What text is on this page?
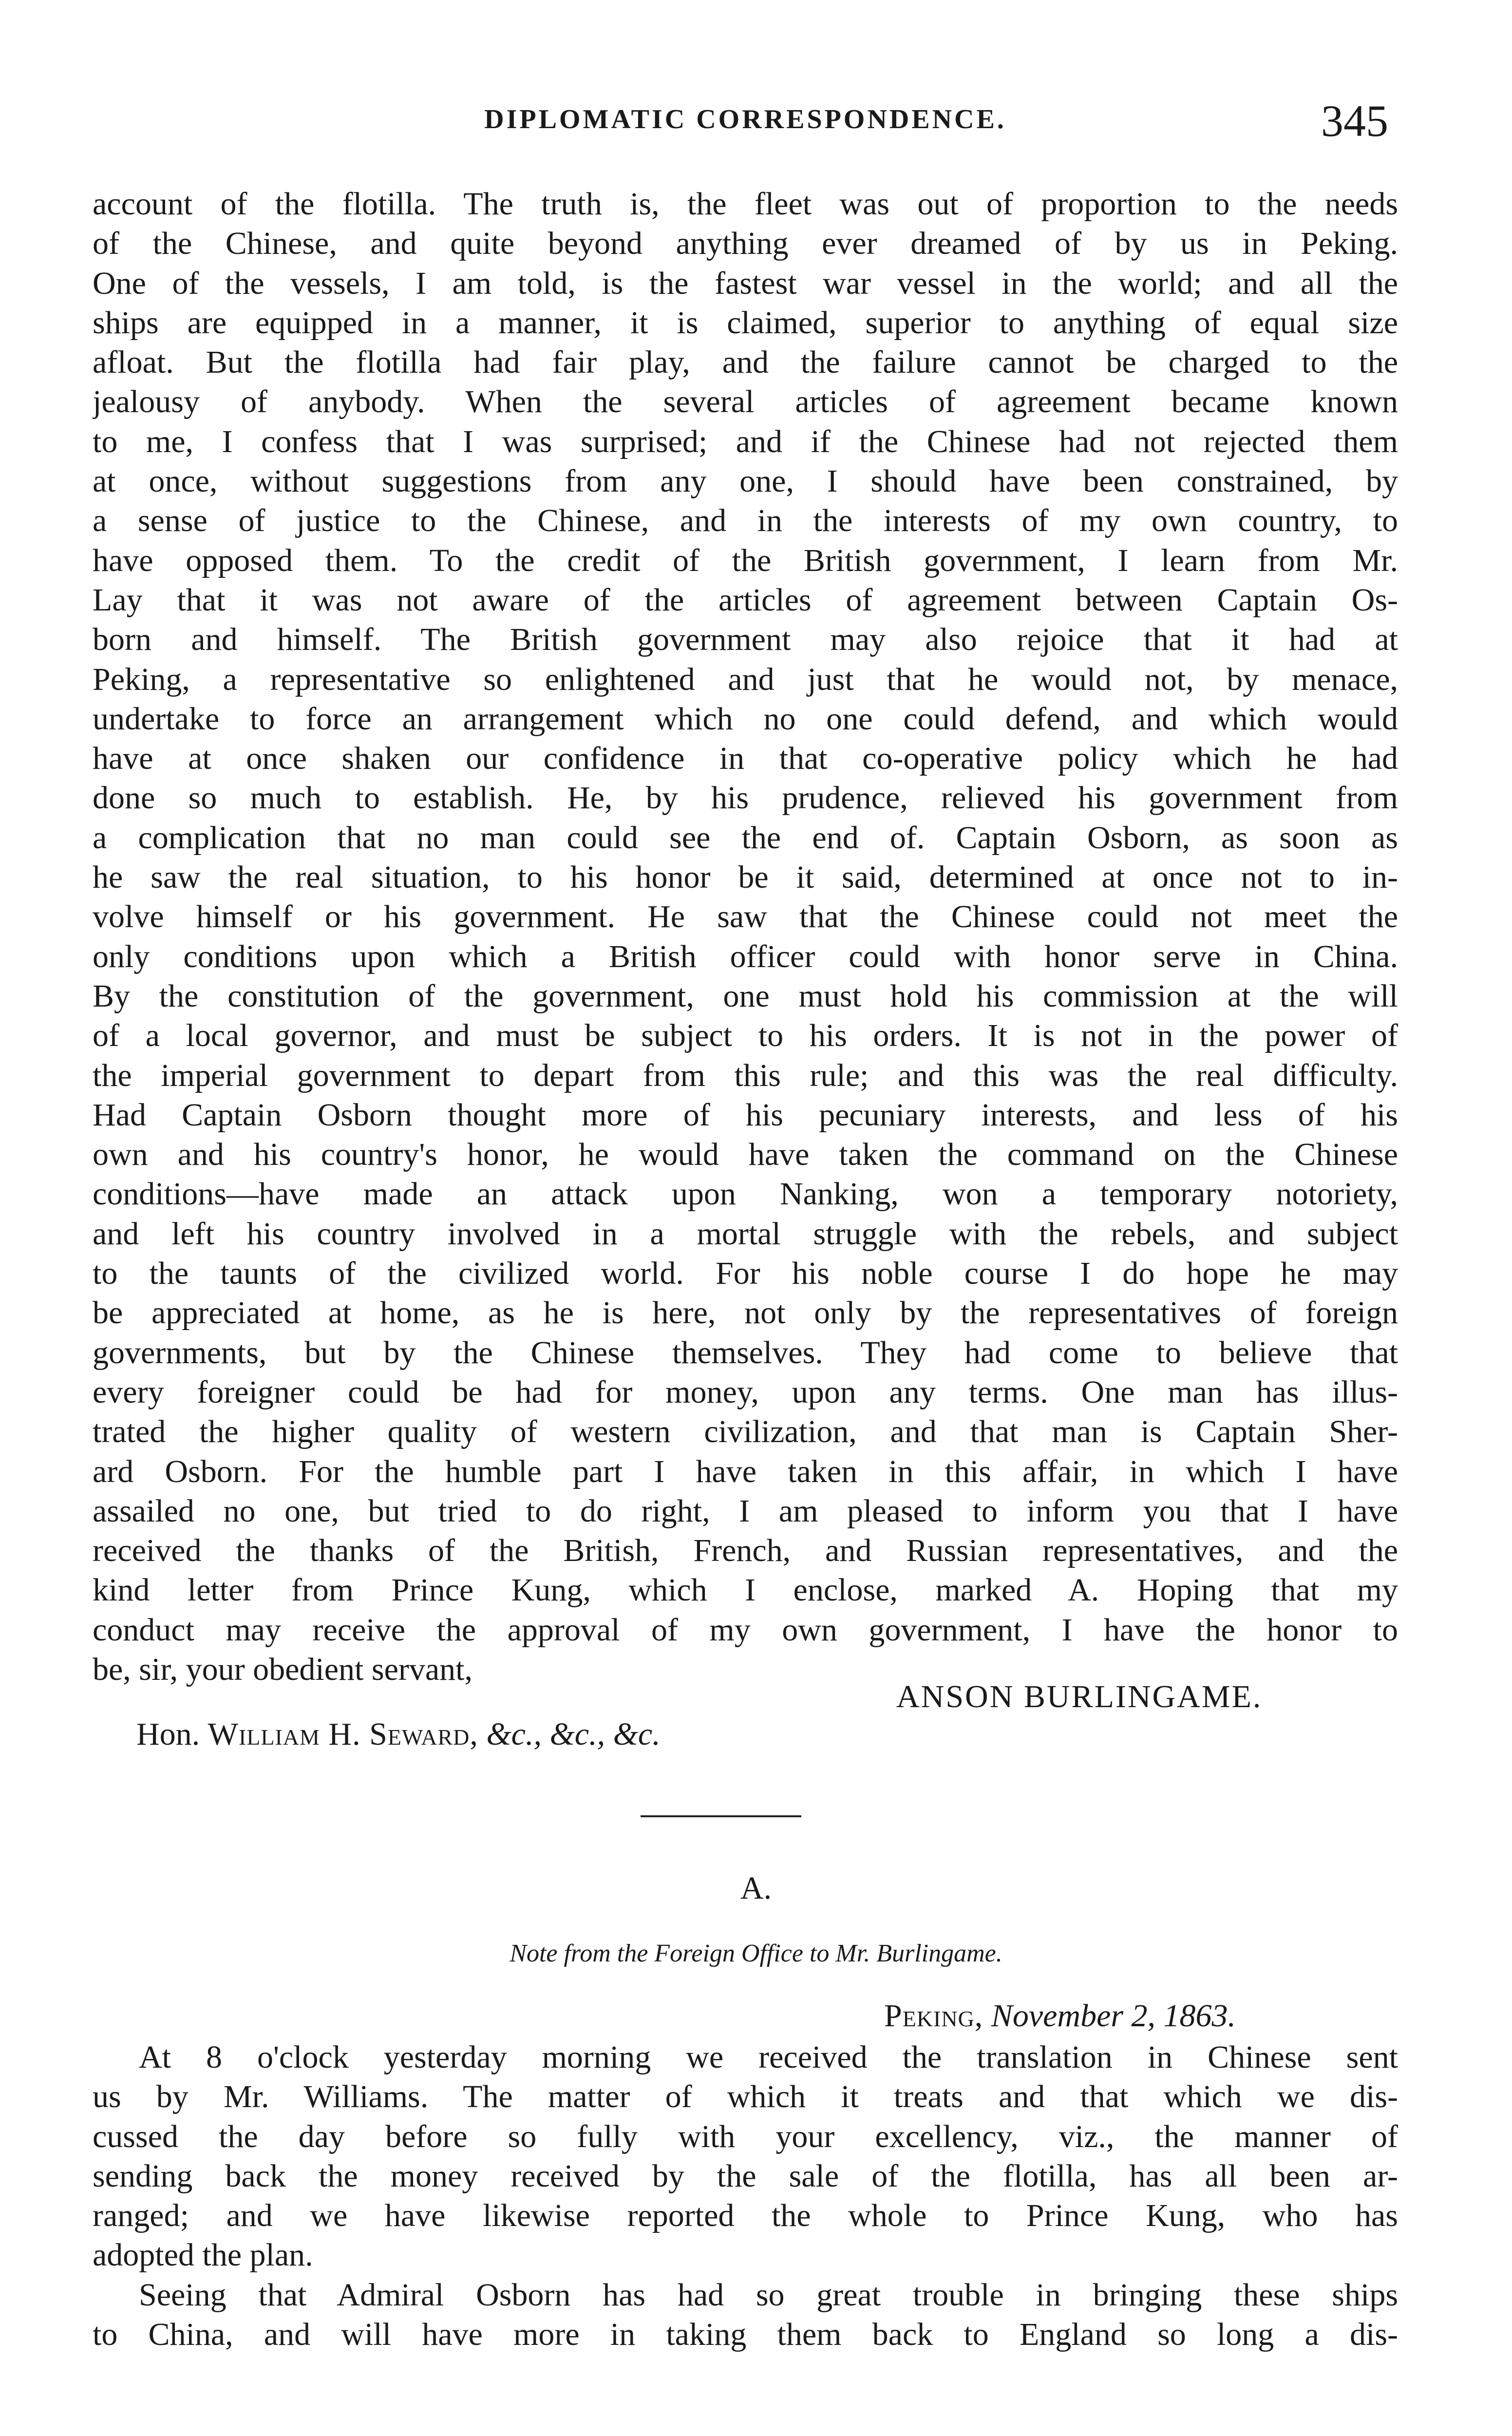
DIPLOMATIC CORRESPONDENCE.	345
account of the flotilla. The truth is, the fleet was out of proportion to the needs
of the Chinese, and quite beyond anything ever dreamed of by us in Peking.
One of the vessels, I am told, is the fastest war vessel in the world; and all the
ships are equipped in a manner, it is claimed, superior to anything of equal size
afloat. But the flotilla had fair play, and the failure cannot be charged to the
jealousy of anybody. When the several articles of agreement became known
to me, I confess that I was surprised; and if the Chinese had not rejected them
at once, without suggestions from any one, I should have been constrained, by
a sense of justice to the Chinese, and in the interests of my own country, to
have opposed them. To the credit of the British government, I learn from Mr.
Lay that it was not aware of the articles of agreement between Captain Os-
born and himself. The British government may also rejoice that it had at
Peking, a representative so enlightened and just that he would not, by menace,
undertake to force an arrangement which no one could defend, and which would
have at once shaken our confidence in that co-operative policy which he had
done so much to establish. He, by his prudence, relieved his government from
a complication that no man could see the end of. Captain Osborn, as soon as
he saw the real situation, to his honor be it said, determined at once not to in-
volve himself or his government. He saw that the Chinese could not meet the
only conditions upon which a British officer could with honor serve in China.
By the constitution of the government, one must hold his commission at the will
of a local governor, and must be subject to his orders. It is not in the power of
the imperial government to depart from this rule; and this was the real difficulty.
Had Captain Osborn thought more of his pecuniary interests, and less of his
own and his country's honor, he would have taken the command on the Chinese
conditions—have made an attack upon Nanking, won a temporary notoriety,
and left his country involved in a mortal struggle with the rebels, and subject
to the taunts of the civilized world. For his noble course I do hope he may
be appreciated at home, as he is here, not only by the representatives of foreign
governments, but by the Chinese themselves. They had come to believe that
every foreigner could be had for money, upon any terms. One man has illus-
trated the higher quality of western civilization, and that man is Captain Sher-
ard Osborn. For the humble part I have taken in this affair, in which I have
assailed no one, but tried to do right, I am pleased to inform you that I have
received the thanks of the British, French, and Russian representatives, and the
kind letter from Prince Kung, which I enclose, marked A. Hoping that my
conduct may receive the approval of my own government, I have the honor to
be, sir, your obedient servant,
ANSON BURLINGAME.
Hon. William H. Seward, &c., &c., &c.
A.
Note from the Foreign Office to Mr. Burlingame.
Peking, November 2, 1863.
At 8 o'clock yesterday morning we received the translation in Chinese sent
us by Mr. Williams. The matter of which it treats and that which we dis-
cussed the day before so fully with your excellency, viz., the manner of
sending back the money received by the sale of the flotilla, has all been ar-
ranged; and we have likewise reported the whole to Prince Kung, who has
adopted the plan.
Seeing that Admiral Osborn has had so great trouble in bringing these ships
to China, and will have more in taking them back to England so long a dis-
